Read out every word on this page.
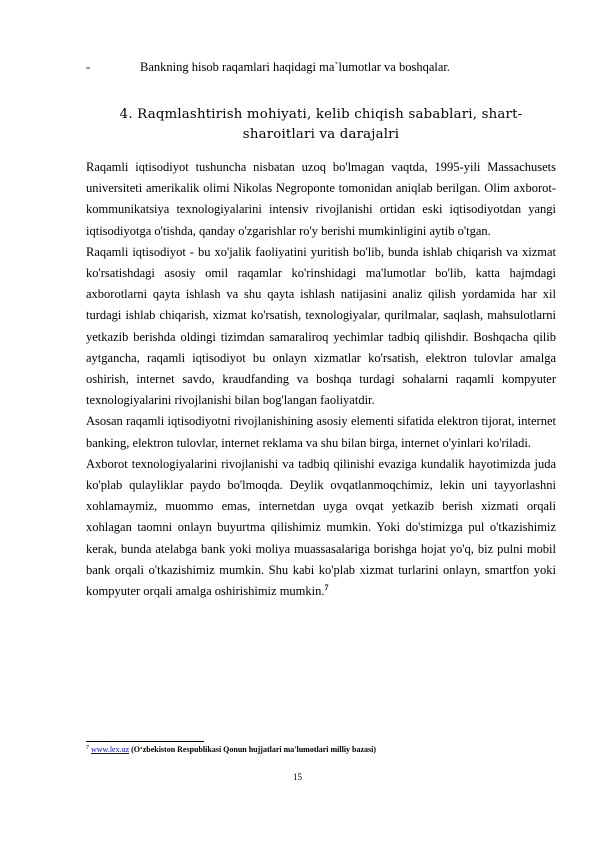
-	Bankning hisob raqamlari haqidagi ma`lumotlar va boshqalar.
4. Raqmlashtirish mohiyati, kelib chiqish sabablari, shart-
sharoitlari va darajalri

Raqamli iqtisodiyot tushuncha nisbatan uzoq bo'lmagan vaqtda, 1995-yili Massachusets universiteti amerikalik olimi Nikolas Negroponte tomonidan aniqlab berilgan. Olim axborot-kommunikatsiya texnologiyalarini intensiv rivojlanishi ortidan eski iqtisodiyotdan yangi iqtisodiyotga o'tishda, qanday o'zgarishlar ro'y berishi mumkinligini aytib o'tgan.

Raqamli iqtisodiyot - bu xo'jalik faoliyatini yuritish bo'lib, bunda ishlab chiqarish va xizmat ko'rsatishdagi asosiy omil raqamlar ko'rinshidagi ma'lumotlar bo'lib, katta hajmdagi axborotlarni qayta ishlash va shu qayta ishlash natijasini analiz qilish yordamida har xil turdagi ishlab chiqarish, xizmat ko'rsatish, texnologiyalar, qurilmalar, saqlash, mahsulotlarni yetkazib berishda oldingi tizimdan samaraliroq yechimlar tadbiq qilishdir. Boshqacha qilib aytgancha, raqamli iqtisodiyot bu onlayn xizmatlar ko'rsatish, elektron tulovlar amalga oshirish, internet savdo, kraudfanding va boshqa turdagi sohalarni raqamli kompyuter texnologiyalarini rivojlanishi bilan bog'langan faoliyatdir.

Asosan raqamli iqtisodiyotni rivojlanishining asosiy elementi sifatida elektron tijorat, internet banking, elektron tulovlar, internet reklama va shu bilan birga, internet o'yinlari ko'riladi.

Axborot texnologiyalarini rivojlanishi va tadbiq qilinishi evaziga kundalik hayotimizda juda ko'plab qulayliklar paydo bo'lmoqda. Deylik ovqatlanmoqchimiz, lekin uni tayyorlashni xohlamaymiz, muommo emas, internetdan uyga ovqat yetkazib berish xizmati orqali xohlagan taomni onlayn buyurtma qilishimiz mumkin. Yoki do'stimizga pul o'tkazishimiz kerak, bunda atelabga bank yoki moliya muassasalariga borishga hojat yo'q, biz pulni mobil bank orqali o'tkazishimiz mumkin. Shu kabi ko'plab xizmat turlarini onlayn, smartfon yoki kompyuter orqali amalga oshirishimiz mumkin.$^7$

$^7$ www.lex.uz (O‘zbekiston Respublikasi Qonun hujjatlari ma'lumotlari milliy bazasi)
15
